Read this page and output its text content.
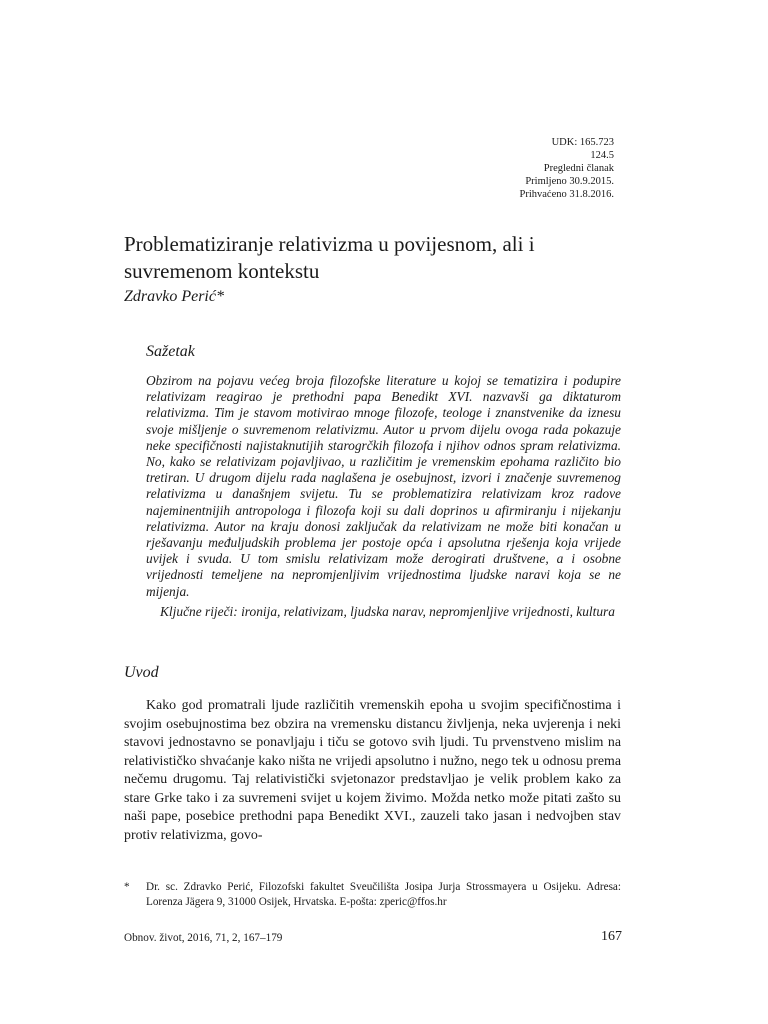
UDK: 165.723
124.5
Pregledni članak
Primljeno 30.9.2015.
Prihvaćeno 31.8.2016.
Problematiziranje relativizma u povijesnom, ali i suvremenom kontekstu
Zdravko Perić*
Sažetak

Obzirom na pojavu većeg broja filozofske literature u kojoj se tematizira i podupire relativizam reagirao je prethodni papa Benedikt XVI. nazvavši ga diktaturom relativizma. Tim je stavom motivirao mnoge filozofe, teologe i znanstvenike da iznesu svoje mišljenje o suvremenom relativizmu. Autor u prvom dijelu ovoga rada pokazuje neke specifičnosti najistaknutijih starogrčkih filozofa i njihov odnos spram relativizma. No, kako se relativizam pojavljivao, u različitim je vremenskim epohama različito bio tretiran. U drugom dijelu rada naglašena je osebujnost, izvori i značenje suvremenog relativizma u današnjem svijetu. Tu se problematizira relativizam kroz radove najeminentnijih antropologa i filozofa koji su dali doprinos u afirmiranju i nijekanju relativizma. Autor na kraju donosi zaključak da relativizam ne može biti konačan u rješavanju međuljudskih problema jer postoje opća i apsolutna rješenja koja vrijede uvijek i svuda. U tom smislu relativizam može derogirati društvene, a i osobne vrijednosti temeljene na nepromjenljivim vrijednostima ljudske naravi koja se ne mijenja.

Ključne riječi: ironija, relativizam, ljudska narav, nepromjenljive vrijednosti, kultura

Uvod

Kako god promatrali ljude različitih vremenskih epoha u svojim specifičnostima i svojim osebujnostima bez obzira na vremensku distancu življenja, neka uvjerenja i neki stavovi jednostavno se ponavljaju i tiču se gotovo svih ljudi. Tu prvenstveno mislim na relativističko shvaćanje kako ništa ne vrijedi apsolutno i nužno, nego tek u odnosu prema nečemu drugomu. Taj relativistički svjetonazor predstavljao je velik problem kako za stare Grke tako i za suvremeni svijet u kojem živimo. Možda netko može pitati zašto su naši pape, posebice prethodni papa Benedikt XVI., zauzeli tako jasan i nedvojben stav protiv relativizma, govo-

* Dr. sc. Zdravko Perić, Filozofski fakultet Sveučilišta Josipa Jurja Strossmayera u Osijeku. Adresa: Lorenza Jägera 9, 31000 Osijek, Hrvatska. E-pošta: zperic@ffos.hr
Obnov. život, 2016, 71, 2, 167–179	167
